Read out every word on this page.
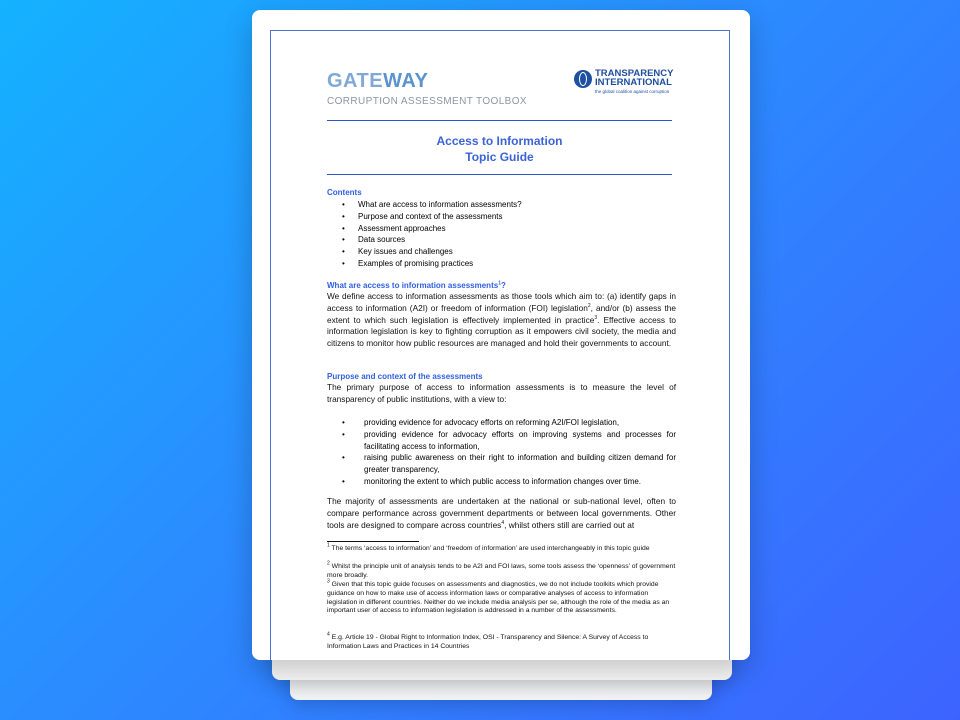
GATEWAY
CORRUPTION ASSESSMENT TOOLBOX
TRANSPARENCY
INTERNATIONAL
the global coalition against corruption
Access to Information
Topic Guide
Contents
• What are access to information assessments?
• Purpose and context of the assessments
• Assessment approaches
• Data sources
• Key issues and challenges
• Examples of promising practices
What are access to information assessments$^1$?
We define access to information assessments as those tools which aim to: (a) identify gaps in access to information (A2I) or freedom of information (FOI) legislation$^2$, and/or (b) assess the extent to which such legislation is effectively implemented in practice$^3$. Effective access to information legislation is key to fighting corruption as it empowers civil society, the media and citizens to monitor how public resources are managed and hold their governments to account.
Purpose and context of the assessments
The primary purpose of access to information assessments is to measure the level of transparency of public institutions, with a view to:
• providing evidence for advocacy efforts on reforming A2I/FOI legislation,
• providing evidence for advocacy efforts on improving systems and processes for facilitating access to information,
• raising public awareness on their right to information and building citizen demand for greater transparency,
• monitoring the extent to which public access to information changes over time.
The majority of assessments are undertaken at the national or sub-national level, often to compare performance across government departments or between local governments. Other tools are designed to compare across countries$^4$, whilst others still are carried out at
$^1$ The terms ‘access to information’ and ‘freedom of information’ are used interchangeably in this topic guide
$^2$ Whilst the principle unit of analysis tends to be A2I and FOI laws, some tools assess the ‘openness’ of government more broadly.
$^3$ Given that this topic guide focuses on assessments and diagnostics, we do not include toolkits which provide guidance on how to make use of access information laws or comparative analyses of access to information legislation in different countries. Neither do we include media analysis per se, although the role of the media as an important user of access to information legislation is addressed in a number of the assessments.
$^4$ E.g. Article 19 - Global Right to Information Index, OSI - Transparency and Silence: A Survey of Access to Information Laws and Practices in 14 Countries
